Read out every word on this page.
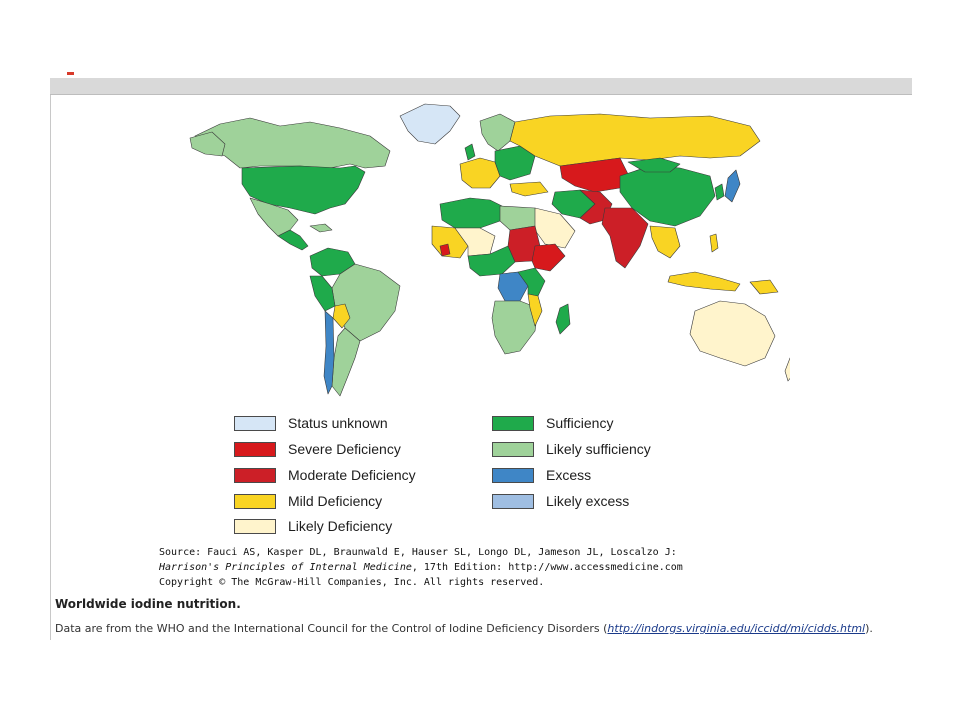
Status unknown
Severe Deficiency
Moderate Deficiency
Mild Deficiency
Likely Deficiency
Sufficiency
Likely sufficiency
Excess
Likely excess
Source: Fauci AS, Kasper DL, Braunwald E, Hauser SL, Longo DL, Jameson JL, Loscalzo J:
Harrison's Principles of Internal Medicine, 17th Edition: http://www.accessmedicine.com
Copyright © The McGraw-Hill Companies, Inc. All rights reserved.
Worldwide iodine nutrition.
Data are from the WHO and the International Council for the Control of Iodine Deficiency Disorders (http://indorgs.virginia.edu/iccidd/mi/cidds.html).
